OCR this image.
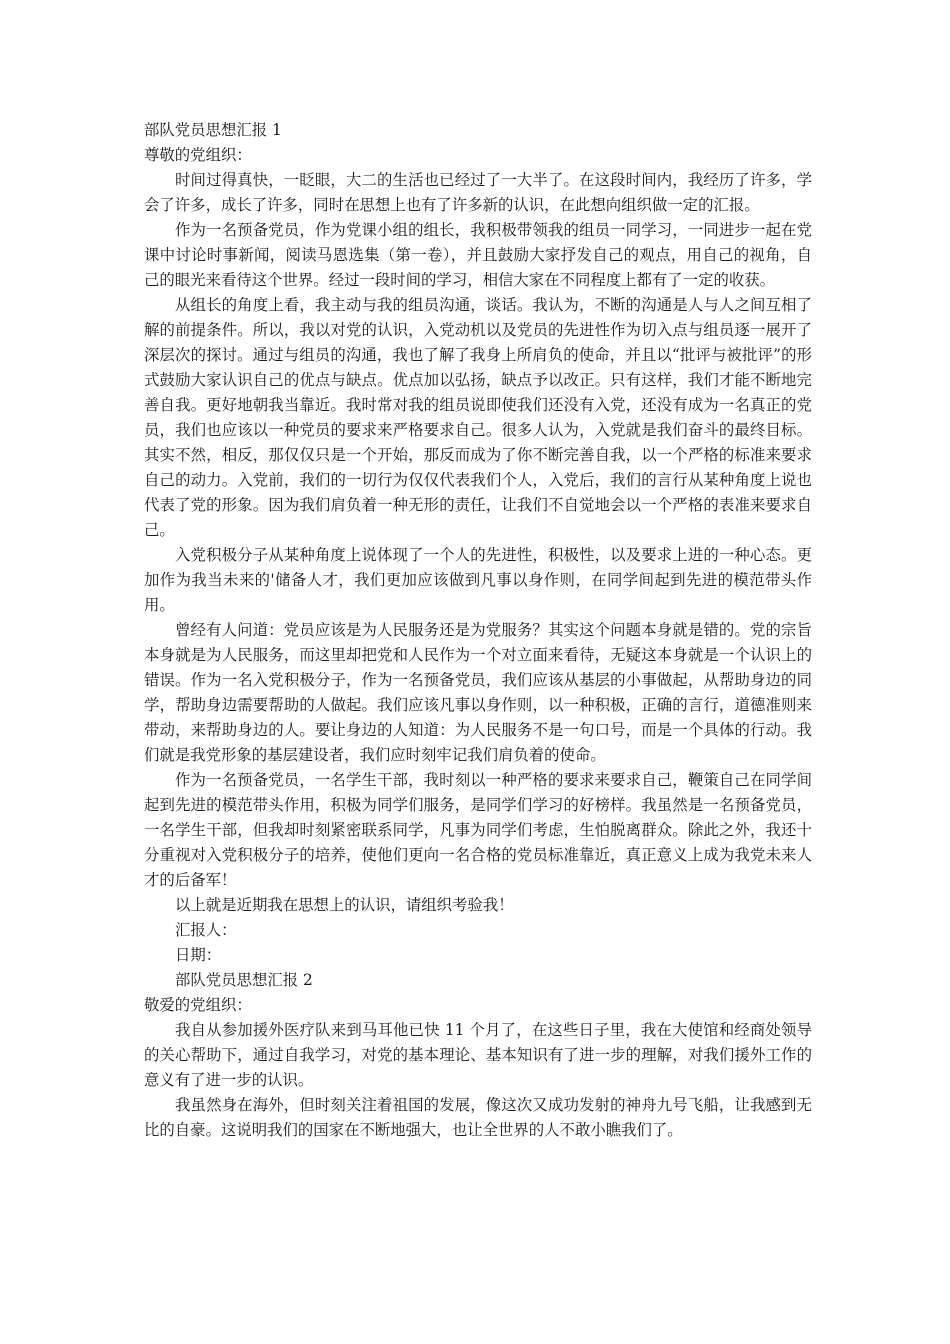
部队党员思想汇报 1

尊敬的党组织：

时间过得真快，一眨眼，大二的生活也已经过了一大半了。在这段时间内，我经历了许多，学会了许多，成长了许多，同时在思想上也有了许多新的认识，在此想向组织做一定的汇报。

作为一名预备党员，作为党课小组的组长，我积极带领我的组员一同学习，一同进步一起在党课中讨论时事新闻，阅读马恩选集（第一卷），并且鼓励大家抒发自己的观点，用自己的视角，自己的眼光来看待这个世界。经过一段时间的学习，相信大家在不同程度上都有了一定的收获。

从组长的角度上看，我主动与我的组员沟通，谈话。我认为，不断的沟通是人与人之间互相了解的前提条件。所以，我以对党的认识，入党动机以及党员的先进性作为切入点与组员逐一展开了深层次的探讨。通过与组员的沟通，我也了解了我身上所肩负的使命，并且以“批评与被批评”的形式鼓励大家认识自己的优点与缺点。优点加以弘扬，缺点予以改正。只有这样，我们才能不断地完善自我。更好地朝我当靠近。我时常对我的组员说即使我们还没有入党，还没有成为一名真正的党员，我们也应该以一种党员的要求来严格要求自己。很多人认为，入党就是我们奋斗的最终目标。其实不然，相反，那仅仅只是一个开始，那反而成为了你不断完善自我，以一个严格的标准来要求自己的动力。入党前，我们的一切行为仅仅代表我们个人，入党后，我们的言行从某种角度上说也代表了党的形象。因为我们肩负着一种无形的责任，让我们不自觉地会以一个严格的表准来要求自己。

入党积极分子从某种角度上说体现了一个人的先进性，积极性，以及要求上进的一种心态。更加作为我当未来的'储备人才，我们更加应该做到凡事以身作则，在同学间起到先进的模范带头作用。

曾经有人问道：党员应该是为人民服务还是为党服务？其实这个问题本身就是错的。党的宗旨本身就是为人民服务，而这里却把党和人民作为一个对立面来看待，无疑这本身就是一个认识上的错误。作为一名入党积极分子，作为一名预备党员，我们应该从基层的小事做起，从帮助身边的同学，帮助身边需要帮助的人做起。我们应该凡事以身作则，以一种积极，正确的言行，道德准则来带动，来帮助身边的人。要让身边的人知道：为人民服务不是一句口号，而是一个具体的行动。我们就是我党形象的基层建设者，我们应时刻牢记我们肩负着的使命。

作为一名预备党员，一名学生干部，我时刻以一种严格的要求来要求自己，鞭策自己在同学间起到先进的模范带头作用，积极为同学们服务，是同学们学习的好榜样。我虽然是一名预备党员，一名学生干部，但我却时刻紧密联系同学，凡事为同学们考虑，生怕脱离群众。除此之外，我还十分重视对入党积极分子的培养，使他们更向一名合格的党员标准靠近，真正意义上成为我党未来人才的后备军！

以上就是近期我在思想上的认识，请组织考验我！

汇报人：

日期：

部队党员思想汇报 2

敬爱的党组织：

我自从参加援外医疗队来到马耳他已快 11 个月了，在这些日子里，我在大使馆和经商处领导的关心帮助下，通过自我学习，对党的基本理论、基本知识有了进一步的理解，对我们援外工作的意义有了进一步的认识。

我虽然身在海外，但时刻关注着祖国的发展，像这次又成功发射的神舟九号飞船，让我感到无比的自豪。这说明我们的国家在不断地强大，也让全世界的人不敢小瞧我们了。
